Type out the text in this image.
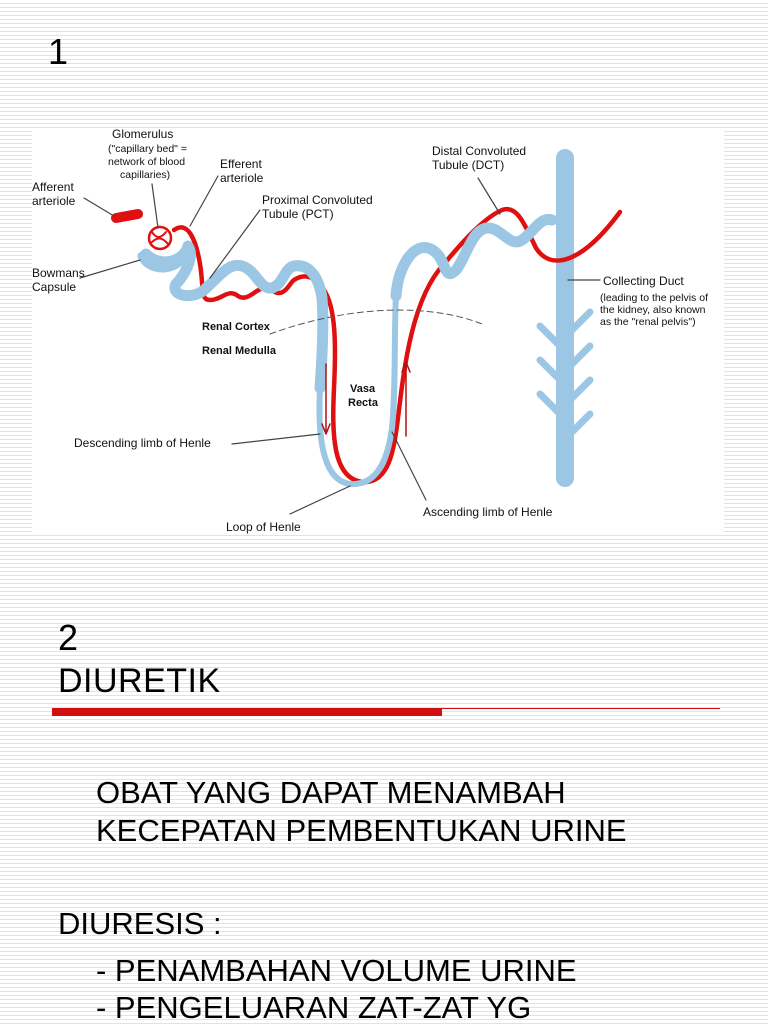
1
Glomerulus
("capillary bed" =
network of blood
capillaries)
Efferent
arteriole
Afferent
arteriole	Proximal Convoluted
Tubule (PCT)
Distal Convoluted
Tubule (DCT)
Bowmans
Capsule	Collecting Duct
(leading to the pelvis of
the kidney, also known
as the "renal pelvis")
Renal Cortex
Renal Medulla
Vasa
Recta
Descending limb of Henle
Ascending limb of Henle
Loop of Henle
2
DIURETIK
OBAT YANG DAPAT MENAMBAH
KECEPATAN PEMBENTUKAN URINE
DIURESIS :
- PENAMBAHAN VOLUME URINE
- PENGELUARAN ZAT-ZAT YG
